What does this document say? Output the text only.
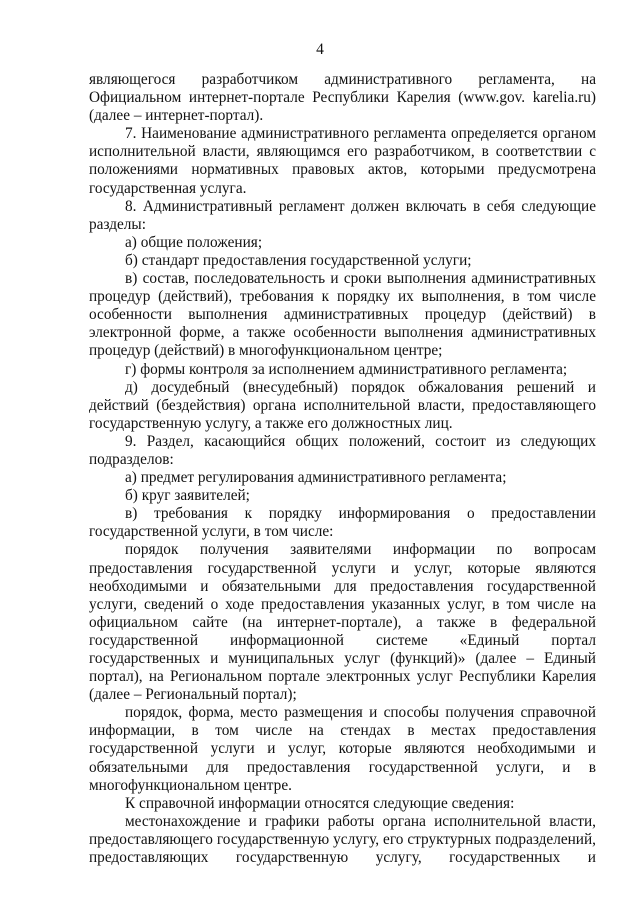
4
являющегося разработчиком административного регламента, на
Официальном интернет-портале Республики Карелия (www.gov. karelia.ru)
(далее – интернет-портал).
7. Наименование административного регламента определяется органом
исполнительной власти, являющимся его разработчиком, в соответствии с
положениями нормативных правовых актов, которыми предусмотрена
государственная услуга.
8. Административный регламент должен включать в себя следующие
разделы:
а) общие положения;
б) стандарт предоставления государственной услуги;
в) состав, последовательность и сроки выполнения административных
процедур (действий), требования к порядку их выполнения, в том числе
особенности выполнения административных процедур (действий) в
электронной форме, а также особенности выполнения административных
процедур (действий) в многофункциональном центре;
г) формы контроля за исполнением административного регламента;
д) досудебный (внесудебный) порядок обжалования решений и
действий (бездействия) органа исполнительной власти, предоставляющего
государственную услугу, а также его должностных лиц.
9. Раздел, касающийся общих положений, состоит из следующих
подразделов:
а) предмет регулирования административного регламента;
б) круг заявителей;
в) требования к порядку информирования о предоставлении
государственной услуги, в том числе:
порядок получения заявителями информации по вопросам
предоставления государственной услуги и услуг, которые являются
необходимыми и обязательными для предоставления государственной
услуги, сведений о ходе предоставления указанных услуг, в том числе на
официальном сайте (на интернет-портале), а также в федеральной
государственной информационной системе «Единый портал
государственных и муниципальных услуг (функций)» (далее – Единый
портал), на Региональном портале электронных услуг Республики Карелия
(далее – Региональный портал);
порядок, форма, место размещения и способы получения справочной
информации, в том числе на стендах в местах предоставления
государственной услуги и услуг, которые являются необходимыми и
обязательными для предоставления государственной услуги, и в
многофункциональном центре.
К справочной информации относятся следующие сведения:
местонахождение и графики работы органа исполнительной власти,
предоставляющего государственную услугу, его структурных подразделений,
предоставляющих государственную услугу, государственных и
